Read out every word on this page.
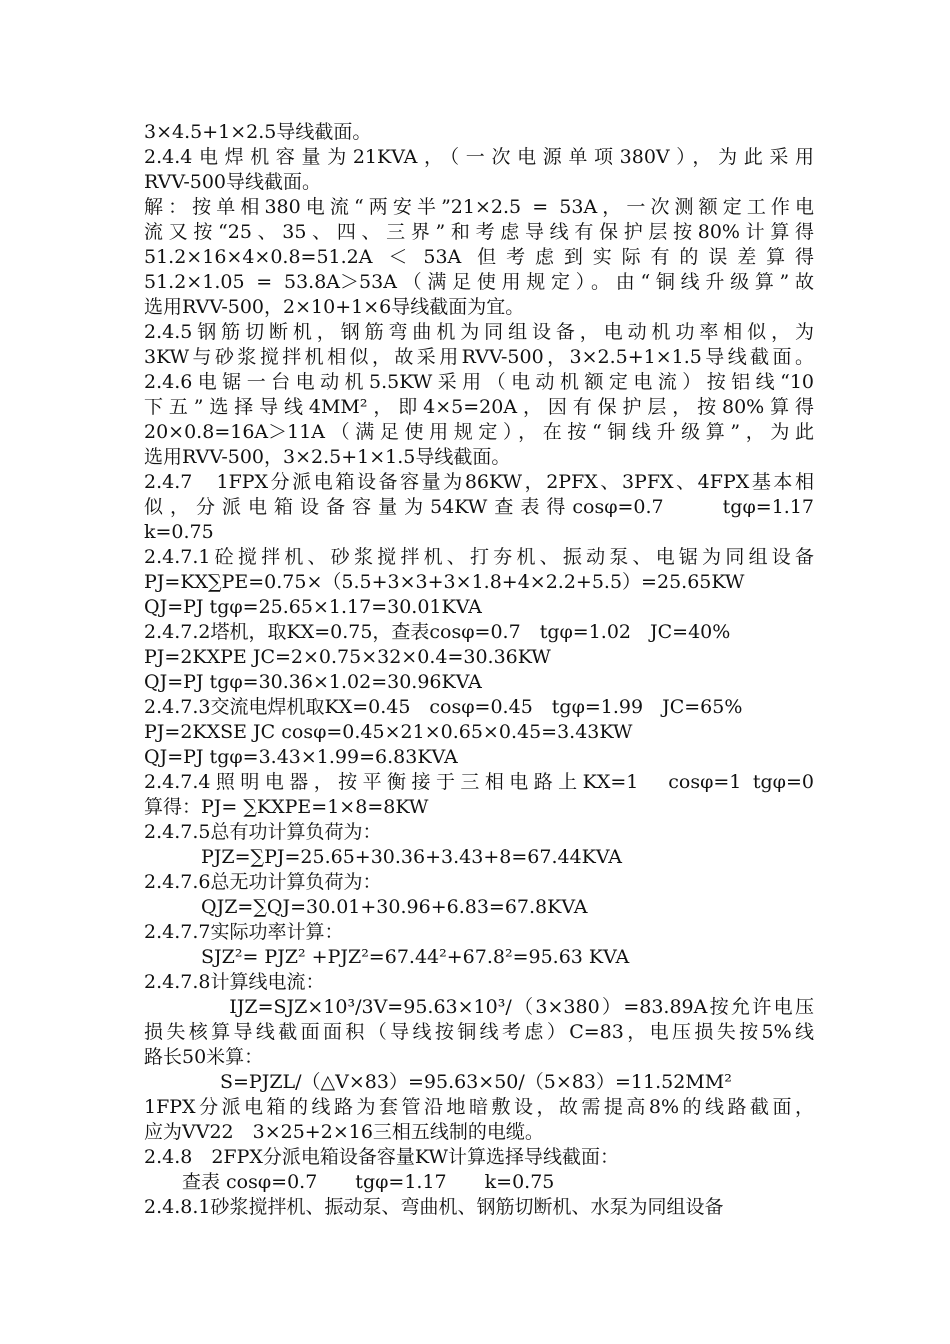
3×4.5+1×2.5导线截面。
2.4.4电焊机容量为21KVA，（一次电源单项380V），为此采用
RVV-500导线截面。
解：按单相380电流“两安半”21×2.5 = 53A，一次测额定工作电
流又按“25、35、四、三界”和考虑导线有保护层按80%计算得
51.2×16×4×0.8=51.2A ＜ 53A 但考虑到实际有的误差算得
51.2×1.05 = 53.8A＞53A（满足使用规定）。由“铜线升级算”故
选用RVV-500，2×10+1×6导线截面为宜。
2.4.5钢筋切断机，钢筋弯曲机为同组设备，电动机功率相似，为
3KW与砂浆搅拌机相似，故采用RVV-500，3×2.5+1×1.5导线截面。
2.4.6电锯一台电动机5.5KW采用（电动机额定电流）按铝线“10
下五”选择导线4MM²，即4×5=20A，因有保护层，按80%算得
20×0.8=16A＞11A（满足使用规定），在按“铜线升级算”，为此
选用RVV-500，3×2.5+1×1.5导线截面。
2.4.7　1FPX分派电箱设备容量为86KW，2PFX、3PFX、4FPX基本相
似，分派电箱设备容量为54KW查表得cosφ=0.7　　tgφ=1.17
k=0.75
2.4.7.1砼搅拌机、砂浆搅拌机、打夯机、振动泵、电锯为同组设备
PJ=KX∑PE=0.75×（5.5+3×3+3×1.8+4×2.2+5.5）=25.65KW
QJ=PJ tgφ=25.65×1.17=30.01KVA
2.4.7.2塔机，取KX=0.75，查表cosφ=0.7　tgφ=1.02　JC=40%
PJ=2KXPE JC=2×0.75×32×0.4=30.36KW
QJ=PJ tgφ=30.36×1.02=30.96KVA
2.4.7.3交流电焊机取KX=0.45　cosφ=0.45　tgφ=1.99　JC=65%
PJ=2KXSE JC cosφ=0.45×21×0.65×0.45=3.43KW
QJ=PJ tgφ=3.43×1.99=6.83KVA
2.4.7.4照明电器，按平衡接于三相电路上KX=1　cosφ=1 tgφ=0
算得：PJ= ∑KXPE=1×8=8KW
2.4.7.5总有功计算负荷为：
　　　PJZ=∑PJ=25.65+30.36+3.43+8=67.44KVA
2.4.7.6总无功计算负荷为：
　　　QJZ=∑QJ=30.01+30.96+6.83=67.8KVA
2.4.7.7实际功率计算：
　　　SJZ²= PJZ² +PJZ²=67.44²+67.8²=95.63 KVA
2.4.7.8计算线电流：
　　　　IJZ=SJZ×10³/3V=95.63×10³/（3×380）=83.89A按允许电压
损失核算导线截面面积（导线按铜线考虑）C=83，电压损失按5%线
路长50米算：
　　　　S=PJZL/（△V×83）=95.63×50/（5×83）=11.52MM²
1FPX分派电箱的线路为套管沿地暗敷设，故需提高8%的线路截面，
应为VV22　3×25+2×16三相五线制的电缆。
2.4.8　2FPX分派电箱设备容量KW计算选择导线截面：
　　查表 cosφ=0.7　　tgφ=1.17　　k=0.75
2.4.8.1砂浆搅拌机、振动泵、弯曲机、钢筋切断机、水泵为同组设备
